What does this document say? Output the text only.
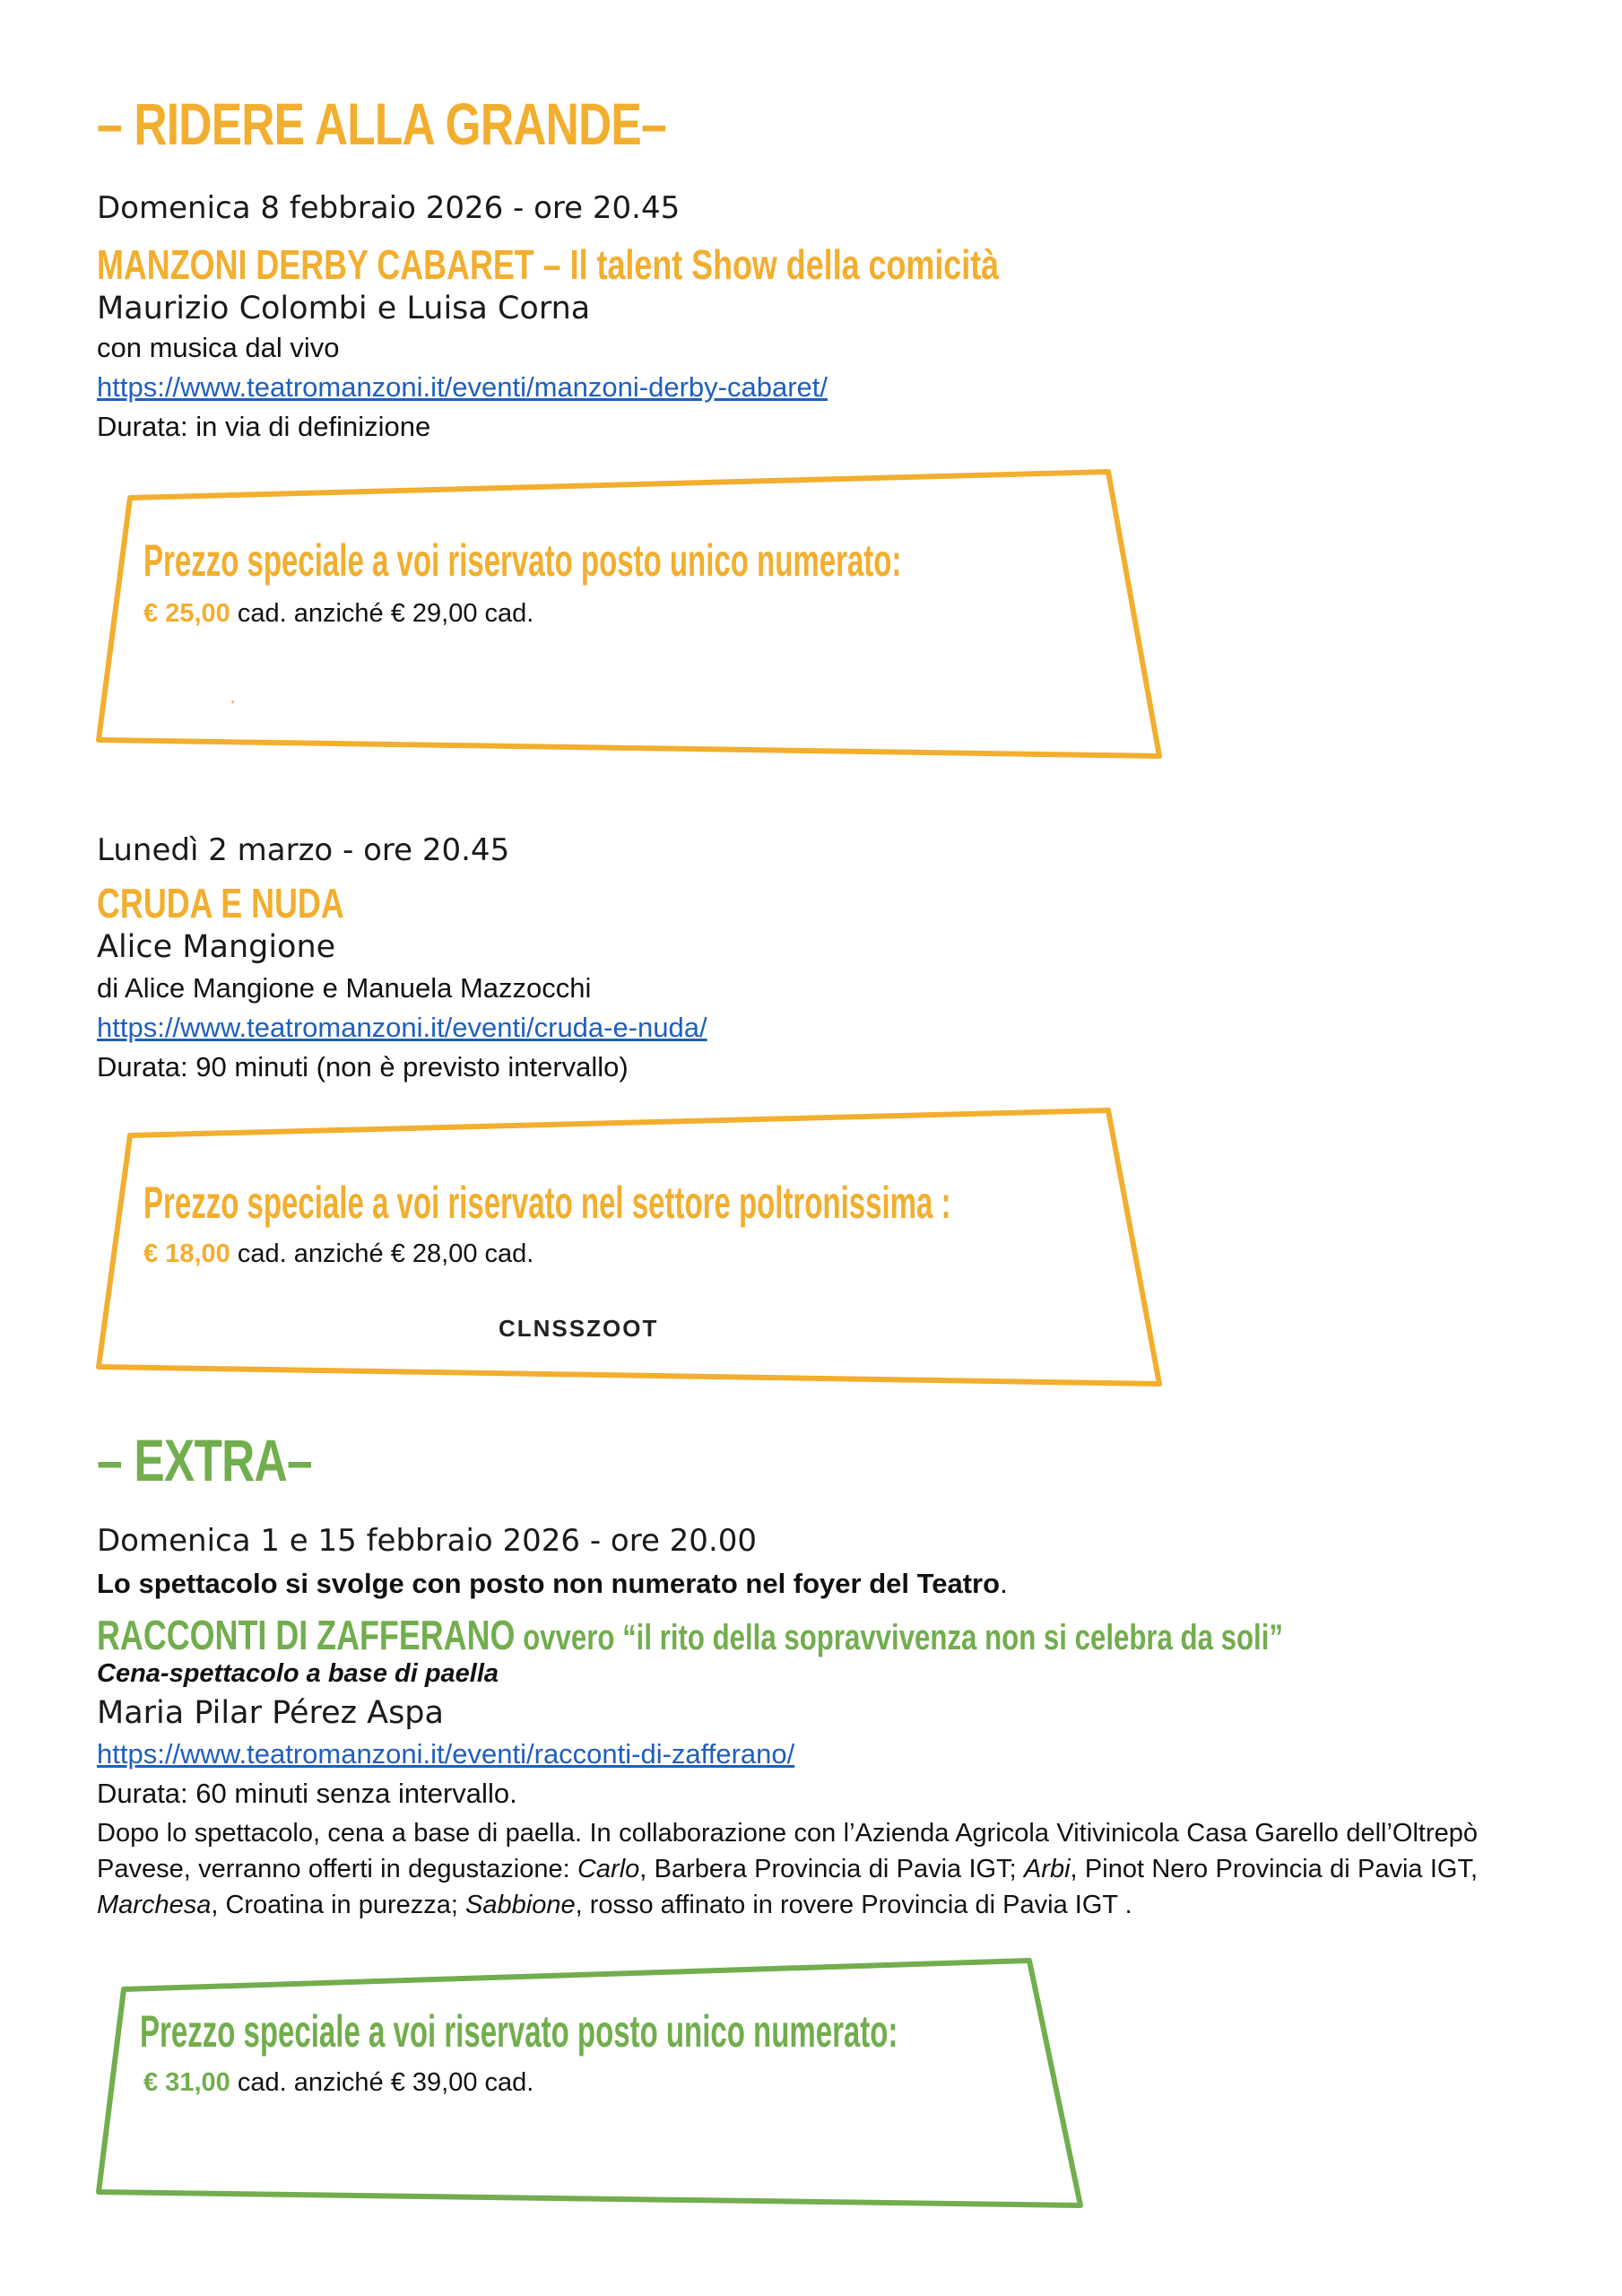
– RIDERE ALLA GRANDE–
Domenica 8 febbraio 2026 - ore 20.45
MANZONI DERBY CABARET – Il talent Show della comicità
Maurizio Colombi e Luisa Corna
con musica dal vivo
https://www.teatromanzoni.it/eventi/manzoni-derby-cabaret/
Durata: in via di definizione
Prezzo speciale a voi riservato posto unico numerato:
€ 25,00 cad. anziché € 29,00 cad.
.
Lunedì 2 marzo - ore 20.45
CRUDA E NUDA
Alice Mangione
di Alice Mangione e Manuela Mazzocchi
https://www.teatromanzoni.it/eventi/cruda-e-nuda/
Durata: 90 minuti (non è previsto intervallo)
Prezzo speciale a voi riservato nel settore poltronissima :
€ 18,00 cad. anziché € 28,00 cad.
CLNSSZOOT
– EXTRA–
Domenica 1 e 15 febbraio 2026 - ore 20.00
Lo spettacolo si svolge con posto non numerato nel foyer del Teatro.
RACCONTI DI ZAFFERANO ovvero “il rito della sopravvivenza non si celebra da soli”
Cena-spettacolo a base di paella
Maria Pilar Pérez Aspa
https://www.teatromanzoni.it/eventi/racconti-di-zafferano/
Durata: 60 minuti senza intervallo.
Dopo lo spettacolo, cena a base di paella. In collaborazione con l’Azienda Agricola Vitivinicola Casa Garello dell’Oltrepò Pavese, verranno offerti in degustazione: Carlo, Barbera Provincia di Pavia IGT; Arbi, Pinot Nero Provincia di Pavia IGT, Marchesa, Croatina in purezza; Sabbione, rosso affinato in rovere Provincia di Pavia IGT .
Prezzo speciale a voi riservato posto unico numerato:
€ 31,00 cad. anziché € 39,00 cad.
